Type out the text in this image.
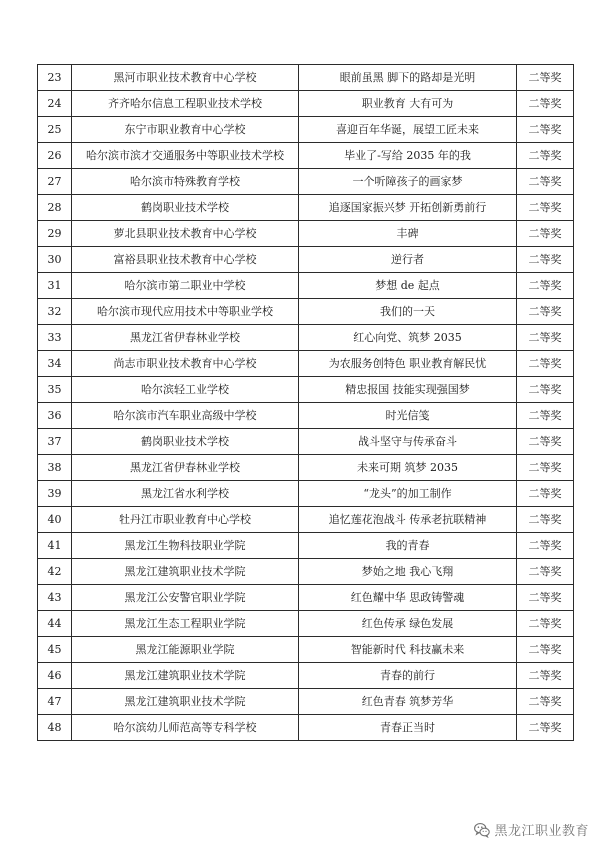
23	黑河市职业技术教育中心学校	眼前虽黑 脚下的路却是光明	二等奖
24	齐齐哈尔信息工程职业技术学校	职业教育 大有可为	二等奖
25	东宁市职业教育中心学校	喜迎百年华诞，展望工匠未来	二等奖
26	哈尔滨市滨才交通服务中等职业技术学校	毕业了-写给 2035 年的我	二等奖
27	哈尔滨市特殊教育学校	一个听障孩子的画家梦	二等奖
28	鹤岗职业技术学校	追逐国家振兴梦 开拓创新勇前行	二等奖
29	萝北县职业技术教育中心学校	丰碑	二等奖
30	富裕县职业技术教育中心学校	逆行者	二等奖
31	哈尔滨市第二职业中学校	梦想 de 起点	二等奖
32	哈尔滨市现代应用技术中等职业学校	我们的一天	二等奖
33	黑龙江省伊春林业学校	红心向党、筑梦 2035	二等奖
34	尚志市职业技术教育中心学校	为农服务创特色 职业教育解民忧	二等奖
35	哈尔滨轻工业学校	精忠报国 技能实现强国梦	二等奖
36	哈尔滨市汽车职业高级中学校	时光信笺	二等奖
37	鹤岗职业技术学校	战斗坚守与传承奋斗	二等奖
38	黑龙江省伊春林业学校	未来可期 筑梦 2035	二等奖
39	黑龙江省水利学校	“龙头”的加工制作	二等奖
40	牡丹江市职业教育中心学校	追忆莲花泡战斗 传承老抗联精神	二等奖
41	黑龙江生物科技职业学院	我的青春	二等奖
42	黑龙江建筑职业技术学院	梦始之地 我心飞翔	二等奖
43	黑龙江公安警官职业学院	红色耀中华 思政铸警魂	二等奖
44	黑龙江生态工程职业学院	红色传承 绿色发展	二等奖
45	黑龙江能源职业学院	智能新时代 科技赢未来	二等奖
46	黑龙江建筑职业技术学院	青春的前行	二等奖
47	黑龙江建筑职业技术学院	红色青春 筑梦芳华	二等奖
48	哈尔滨幼儿师范高等专科学校	青春正当时	二等奖
黑龙江职业教育
